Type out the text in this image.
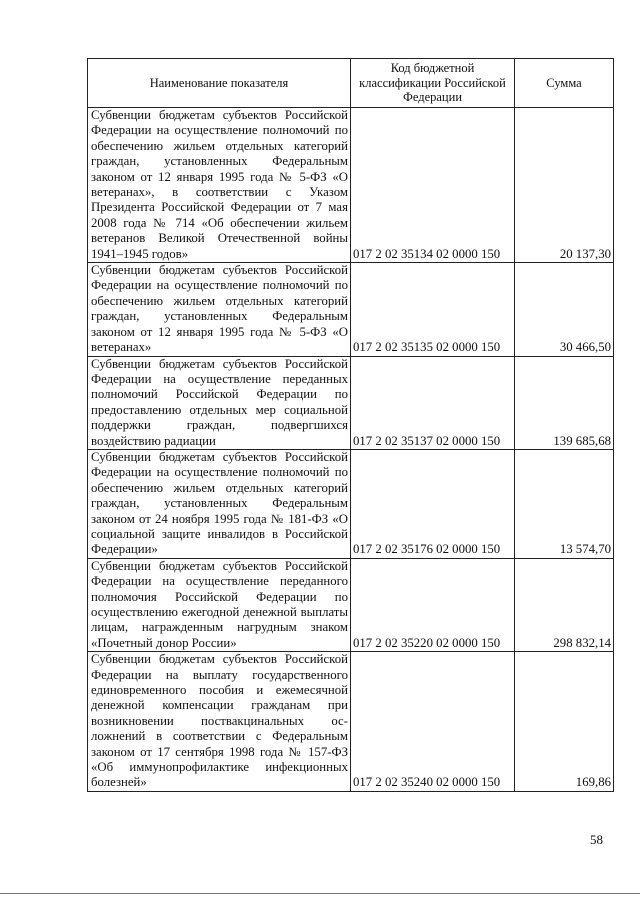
Наименование показателя	Код бюджетной классификации Российской Федерации	Сумма
Субвенции бюджетам субъектов Российской Федерации на осуществление полномочий по обеспечению жильем отдельных категорий граждан, установленных Федеральным законом от 12 января 1995 года № 5-ФЗ «О ветеранах», в соответствии с Указом Президента Российской Федерации от 7 мая 2008 года № 714 «Об обеспечении жильем ветеранов Великой Отечественной войны 1941–1945 годов»	017 2 02 35134 02 0000 150	20 137,30
Субвенции бюджетам субъектов Российской Федерации на осуществление полномочий по обеспечению жильем отдельных категорий граждан, установленных Федеральным законом от 12 января 1995 года № 5-ФЗ «О ветеранах»	017 2 02 35135 02 0000 150	30 466,50
Субвенции бюджетам субъектов Российской Федерации на осуществление переданных полномочий Российской Федерации по предоставлению отдельных мер социальной поддержки граждан, подвергшихся воздействию радиации	017 2 02 35137 02 0000 150	139 685,68
Субвенции бюджетам субъектов Российской Федерации на осуществление полномочий по обеспечению жильем отдельных категорий граждан, установленных Федеральным законом от 24 ноября 1995 года № 181-ФЗ «О социальной защите инвалидов в Российской Федерации»	017 2 02 35176 02 0000 150	13 574,70
Субвенции бюджетам субъектов Российской Федерации на осуществление переданного полномочия Российской Федерации по осуществлению ежегодной денежной выплаты лицам, награжденным нагрудным знаком «Почетный донор России»	017 2 02 35220 02 0000 150	298 832,14
Субвенции бюджетам субъектов Российской Федерации на выплату государственного единовременного пособия и ежемесячной денежной компенсации гражданам при возникновении поствакцинальных осложнений в соответствии с Федеральным законом от 17 сентября 1998 года № 157-ФЗ «Об иммунопрофилактике инфекционных болезней»	017 2 02 35240 02 0000 150	169,86
58
